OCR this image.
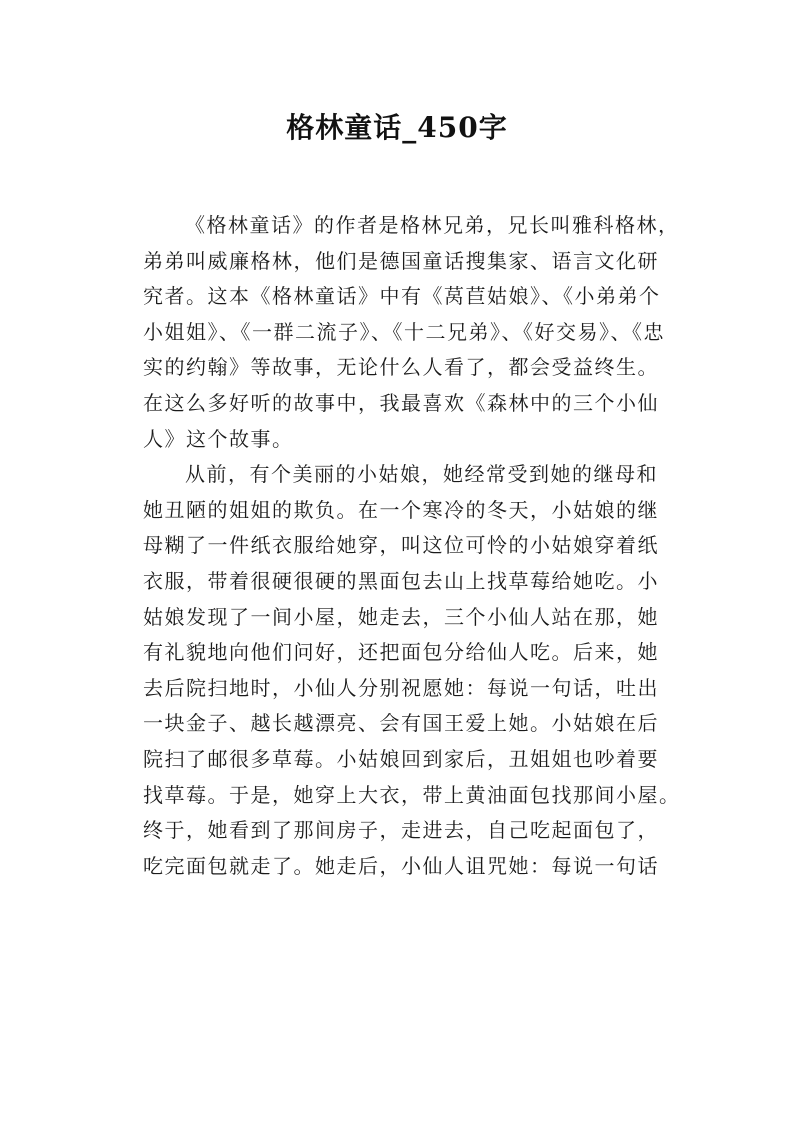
格林童话_450字
《格林童话》的作者是格林兄弟，兄长叫雅科格林，
弟弟叫威廉格林，他们是德国童话搜集家、语言文化研
究者。这本《格林童话》中有《莴苣姑娘》、《小弟弟个
小姐姐》、《一群二流子》、《十二兄弟》、《好交易》、《忠
实的约翰》等故事，无论什么人看了，都会受益终生。
在这么多好听的故事中，我最喜欢《森林中的三个小仙
人》这个故事。
从前，有个美丽的小姑娘，她经常受到她的继母和
她丑陋的姐姐的欺负。在一个寒冷的冬天，小姑娘的继
母糊了一件纸衣服给她穿，叫这位可怜的小姑娘穿着纸
衣服，带着很硬很硬的黑面包去山上找草莓给她吃。小
姑娘发现了一间小屋，她走去，三个小仙人站在那，她
有礼貌地向他们问好，还把面包分给仙人吃。后来，她
去后院扫地时，小仙人分别祝愿她：每说一句话，吐出
一块金子、越长越漂亮、会有国王爱上她。小姑娘在后
院扫了邮很多草莓。小姑娘回到家后，丑姐姐也吵着要
找草莓。于是，她穿上大衣，带上黄油面包找那间小屋。
终于，她看到了那间房子，走进去，自己吃起面包了，
吃完面包就走了。她走后，小仙人诅咒她：每说一句话
